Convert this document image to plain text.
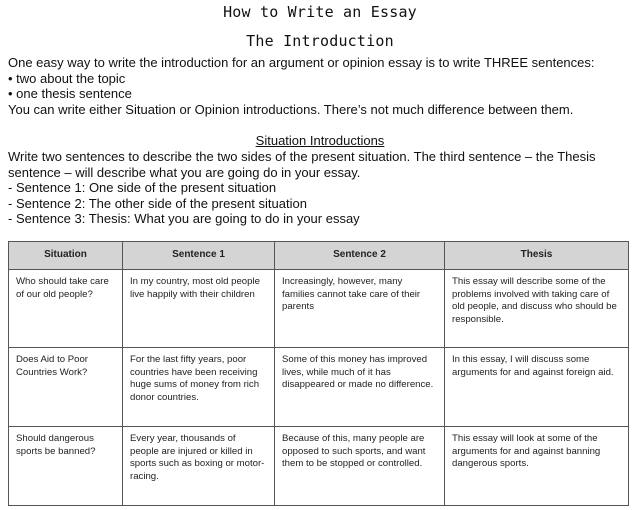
How to Write an Essay
The Introduction
One easy way to write the introduction for an argument or opinion essay is to write THREE sentences:
• two about the topic
• one thesis sentence
You can write either Situation or Opinion introductions. There’s not much difference between them.
Situation Introductions
Write two sentences to describe the two sides of the present situation. The third sentence – the Thesis
sentence – will describe what you are going do in your essay.
- Sentence 1: One side of the present situation
- Sentence 2: The other side of the present situation
- Sentence 3: Thesis: What you are going to do in your essay
Situation	Sentence 1	Sentence 2	Thesis
Who should take care of our old people?	In my country, most old people live happily with their children	Increasingly, however, many families cannot take care of their parents	This essay will describe some of the problems involved with taking care of old people, and discuss who should be responsible.
Does Aid to Poor Countries Work?	For the last fifty years, poor countries have been receiving huge sums of money from rich donor countries.	Some of this money has improved lives, while much of it has disappeared or made no difference.	In this essay, I will discuss some arguments for and against foreign aid.
Should dangerous sports be banned?	Every year, thousands of people are injured or killed in sports such as boxing or motor-racing.	Because of this, many people are opposed to such sports, and want them to be stopped or controlled.	This essay will look at some of the arguments for and against banning dangerous sports.
